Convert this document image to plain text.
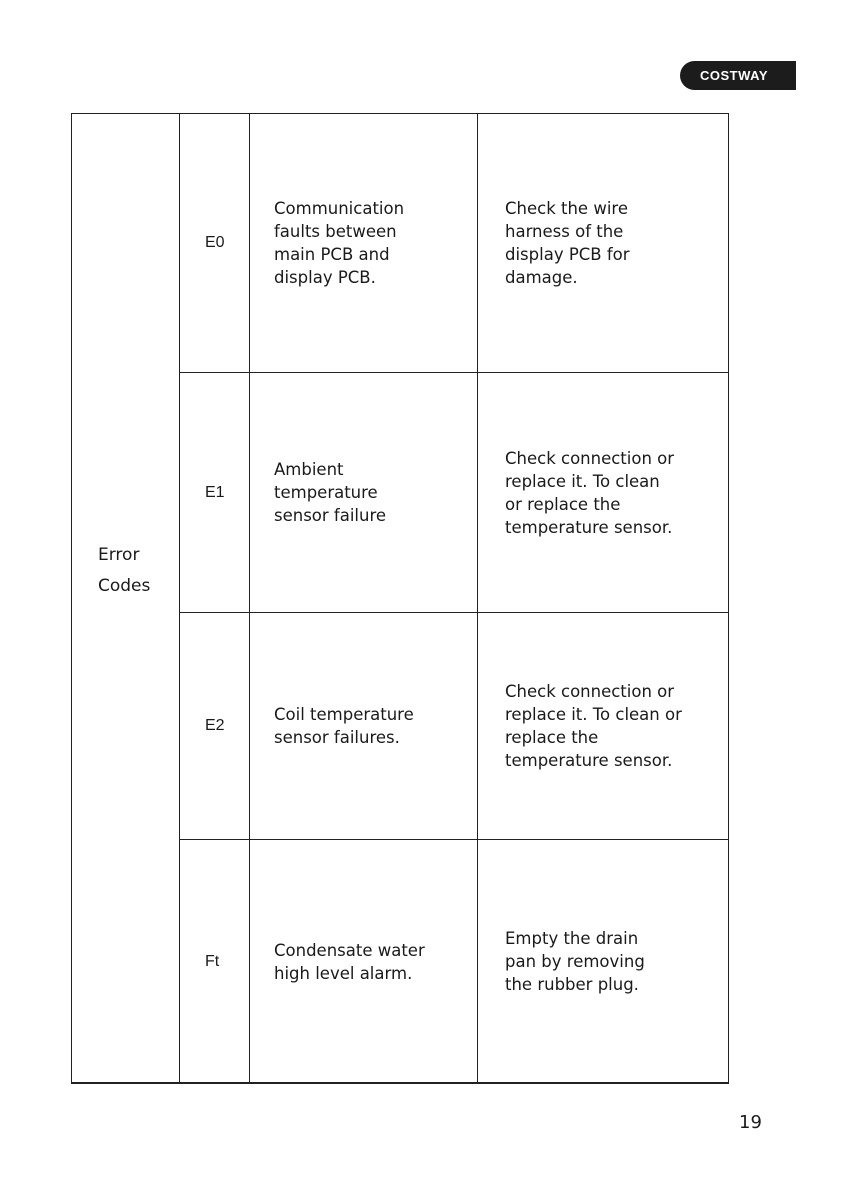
COSTWAY
Error
Codes
E0
Communication
faults between
main PCB and
display PCB.
Check the wire
harness of the
display PCB for
damage.
E1
Ambient
temperature
sensor failure
Check connection or
replace it. To clean
or replace the
temperature sensor.
E2
Coil temperature
sensor failures.
Check connection or
replace it. To clean or
replace the
temperature sensor.
Ft
Condensate water
high level alarm.
Empty the drain
pan by removing
the rubber plug.
19
